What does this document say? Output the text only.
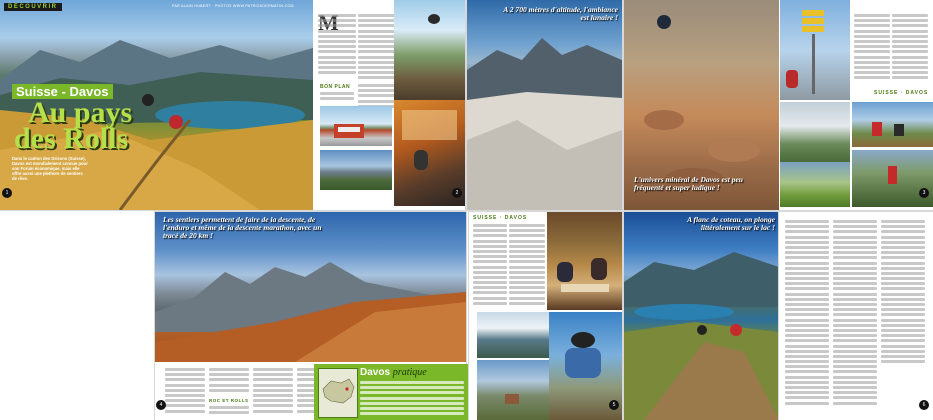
1
DÉCOUVRIR	PAR ALAIN HUBERT · PHOTOS WWW.PATRICKDERMATIN.COM
Suisse - Davos
Au pays
des Rolls
Dans le canton des Grisons (Suisse), Davos est mondialement connue pour son Forum économique, mais elle offre aussi une plethore de sentiers de rêve.
BON PLAN
2
A 2 700 mètres d'altitude, l'ambiance est lunaire !
L'univers minéral de Davos est peu fréquenté et super ludique !
SUISSE · DAVOS
3
Les sentiers permettent de faire de la descente, de l'enduro et même de la descente marathon, avec un tracé de 20 km !
ROC ET ROLLS
4
Davos pratique
SUISSE · DAVOS
5
A flanc de coteau, on plonge littéralement sur le lac !
6
